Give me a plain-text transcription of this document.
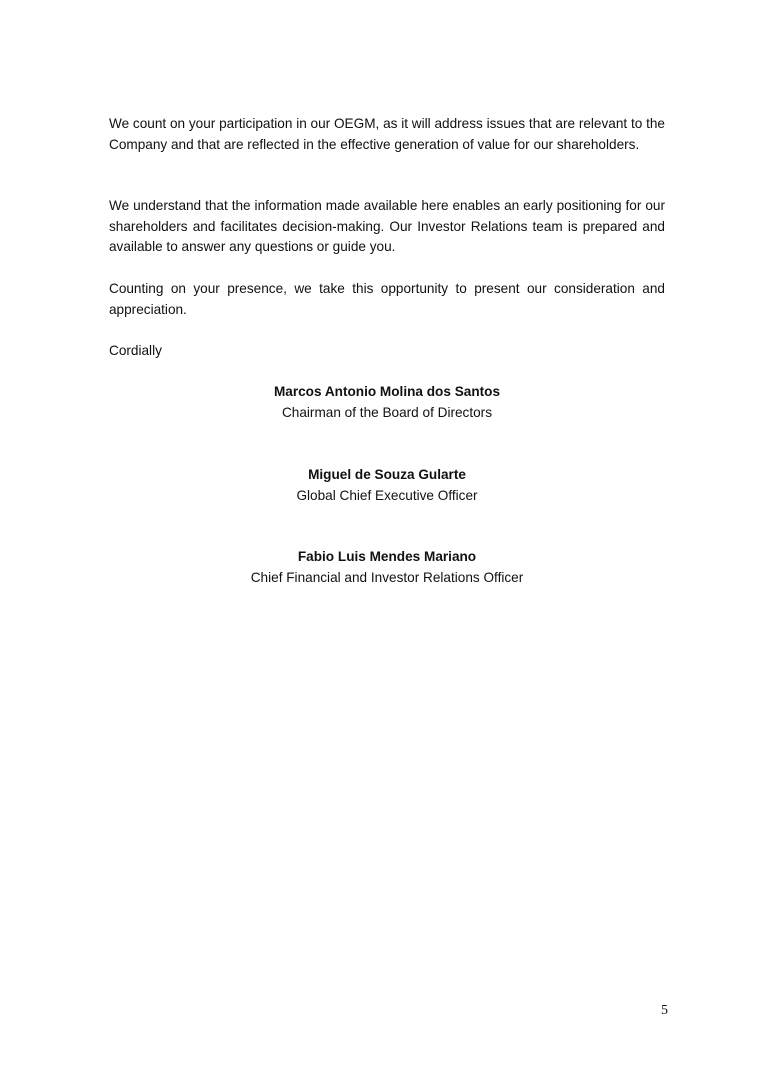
We count on your participation in our OEGM, as it will address issues that are relevant to the Company and that are reflected in the effective generation of value for our shareholders.

We understand that the information made available here enables an early positioning for our shareholders and facilitates decision-making. Our Investor Relations team is prepared and available to answer any questions or guide you.

Counting on your presence, we take this opportunity to present our consideration and appreciation.

Cordially

Marcos Antonio Molina dos Santos
Chairman of the Board of Directors
Miguel de Souza Gularte
Global Chief Executive Officer
Fabio Luis Mendes Mariano
Chief Financial and Investor Relations Officer
5
